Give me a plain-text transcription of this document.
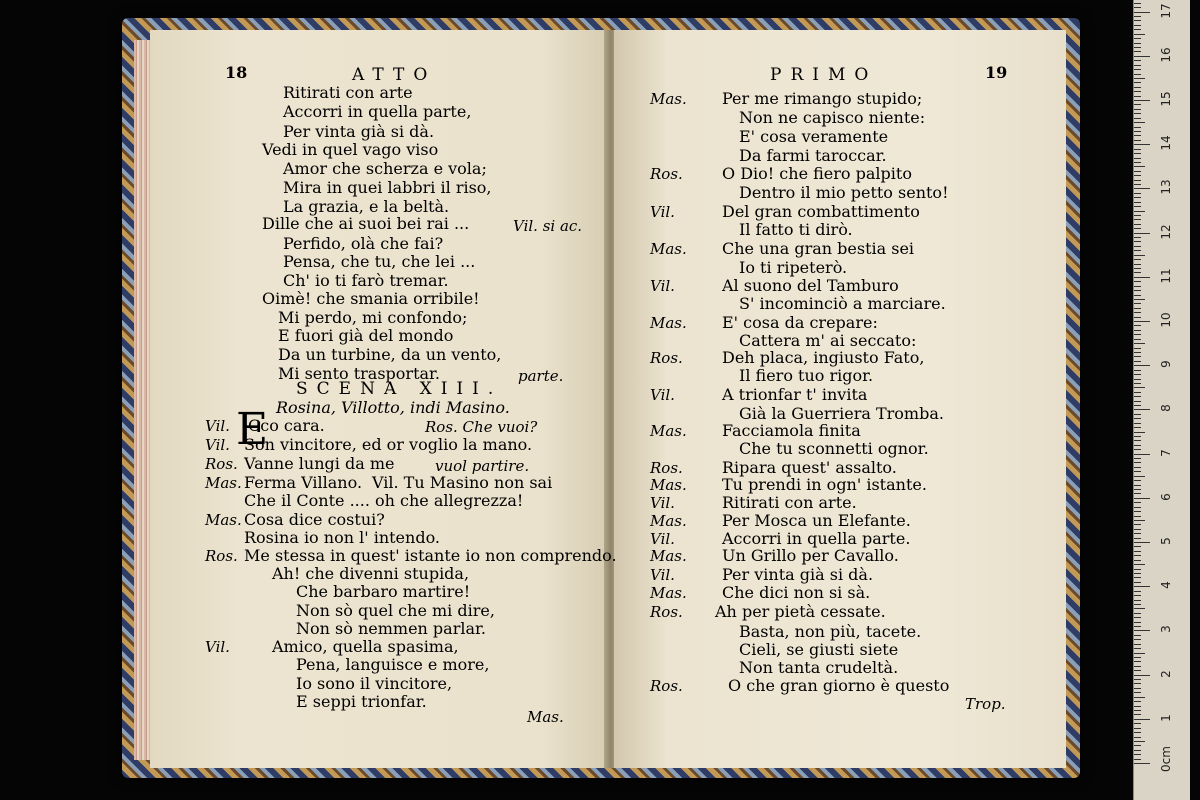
18	ATTO	PRIMO	19
Ritirati con arte
Accorri in quella parte,
Per vinta già si dà.
Vedi in quel vago viso
Amor che scherza e vola;
Mira in quei labbri il riso,
La grazia, e la beltà.
Dille che ai suoi bei rai ...
Perfido, olà che fai?
Pensa, che tu, che lei ...
Ch' io ti farò tremar.
Oimè! che smania orribile!
Mi perdo, mi confondo;
E fuori già del mondo
Da un turbine, da un vento,
Mi sento trasportar.
SCENA XIII.
Rosina, Villotto, indi Masino.
Vil. Cco cara.
Vil. Son vincitore, ed or voglio la mano.
Ros. Vanne lungi da me
Mas. Ferma Villano.
Che il Conte .... oh che allegrezza!
Mas. Cosa dice costui?
Rosina io non l' intendo.
Ros. Me stessa in quest' istante io non comprendo.
Ah! che divenni stupida,
Che barbaro martire!
Non sò quel che mi dire,
Non sò nemmen parlar.
Vil.	Amico, quella spasima,
Pena, languisce e more,
Io sono il vincitore,
E seppi trionfar.
E
Vil. si ac.
parte.
Ros. Che vuoi?
vuol partire.
Vil. Tu Masino non sai
Mas.
Mas. Per me rimango stupido;
Non ne capisco niente:
E' cosa veramente
Da farmi taroccar.
Ros. O Dio! che fiero palpito
Dentro il mio petto sento!
Vil.	Del gran combattimento
Il fatto ti dirò.
Mas. Che una gran bestia sei
Io ti ripeterò.
Vil.	Al suono del Tamburo
S' incominciò a marciare.
Mas. E' cosa da crepare:
Cattera m' ai seccato:
Ros. Deh placa, ingiusto Fato,
Il fiero tuo rigor.
Vil.	A trionfar t' invita
Già la Guerriera Tromba.
Mas. Facciamola finita
Che tu sconnetti ognor.
Ros. Ripara quest' assalto.
Mas. Tu prendi in ogn' istante.
Vil.	Ritirati con arte.
Mas. Per Mosca un Elefante.
Vil.	Accorri in quella parte.
Mas. Un Grillo per Cavallo.
Vil.	Per vinta già si dà.
Mas. Che dici non si sà.
Ros. Ah per pietà cessate.
Basta, non più, tacete.
Cieli, se giusti siete
Non tanta crudeltà.
Ros.	O che gran giorno è questo
Trop.
0cm
1
2
3
4
5
6
7
8
9
10
11
12
13
14
15
16
17
